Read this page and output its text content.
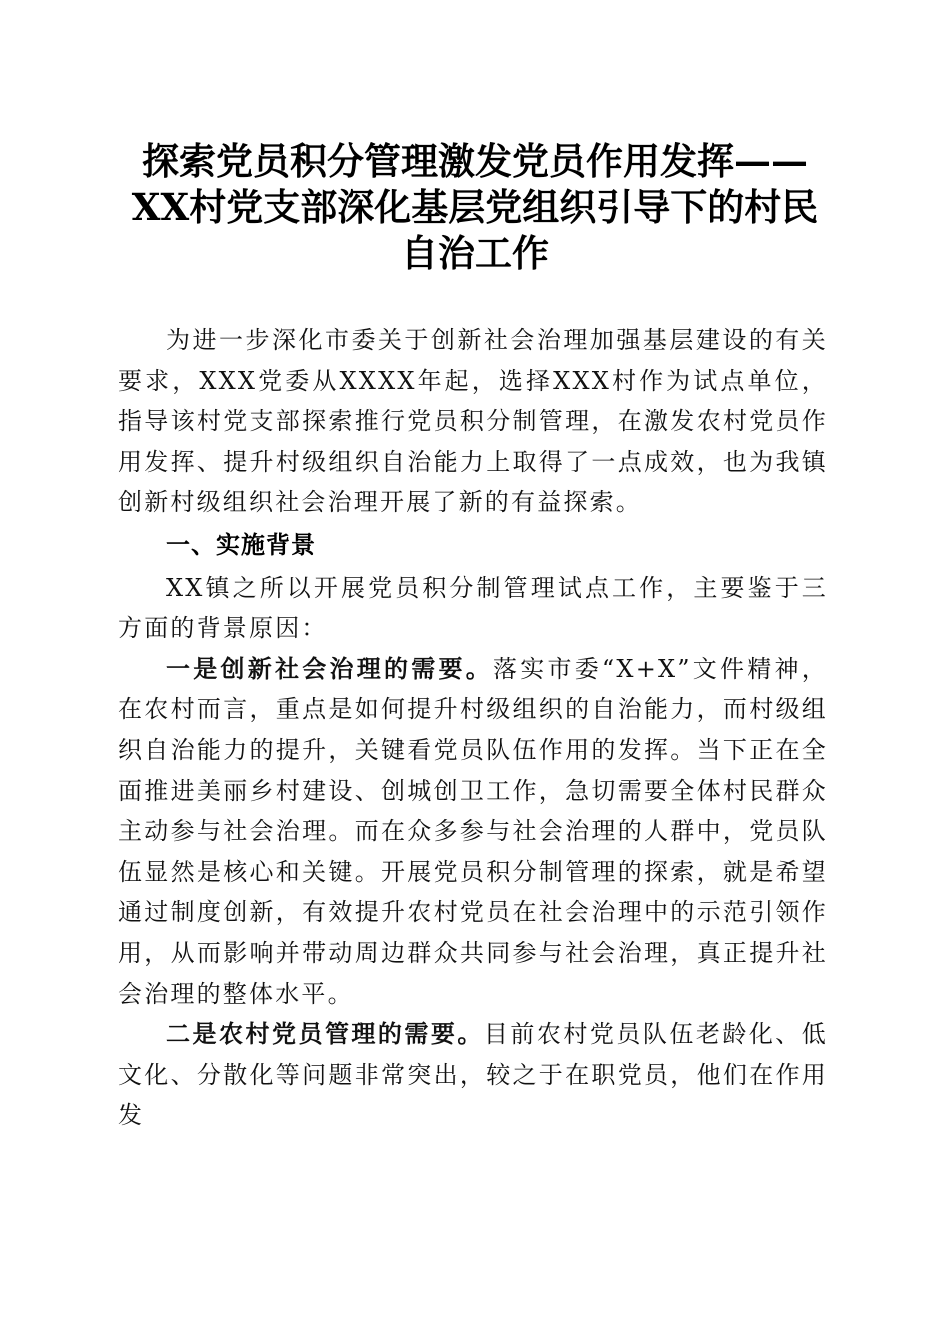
探索党员积分管理激发党员作用发挥——XX村党支部深化基层党组织引导下的村民自治工作

为进一步深化市委关于创新社会治理加强基层建设的有关要求，XXX党委从XXXX年起，选择XXX村作为试点单位，指导该村党支部探索推行党员积分制管理，在激发农村党员作用发挥、提升村级组织自治能力上取得了一点成效，也为我镇创新村级组织社会治理开展了新的有益探索。

一、实施背景

XX镇之所以开展党员积分制管理试点工作，主要鉴于三方面的背景原因：

一是创新社会治理的需要。落实市委“X+X”文件精神，在农村而言，重点是如何提升村级组织的自治能力，而村级组织自治能力的提升，关键看党员队伍作用的发挥。当下正在全面推进美丽乡村建设、创城创卫工作，急切需要全体村民群众主动参与社会治理。而在众多参与社会治理的人群中，党员队伍显然是核心和关键。开展党员积分制管理的探索，就是希望通过制度创新，有效提升农村党员在社会治理中的示范引领作用，从而影响并带动周边群众共同参与社会治理，真正提升社会治理的整体水平。

二是农村党员管理的需要。目前农村党员队伍老龄化、低文化、分散化等问题非常突出，较之于在职党员，他们在作用发
